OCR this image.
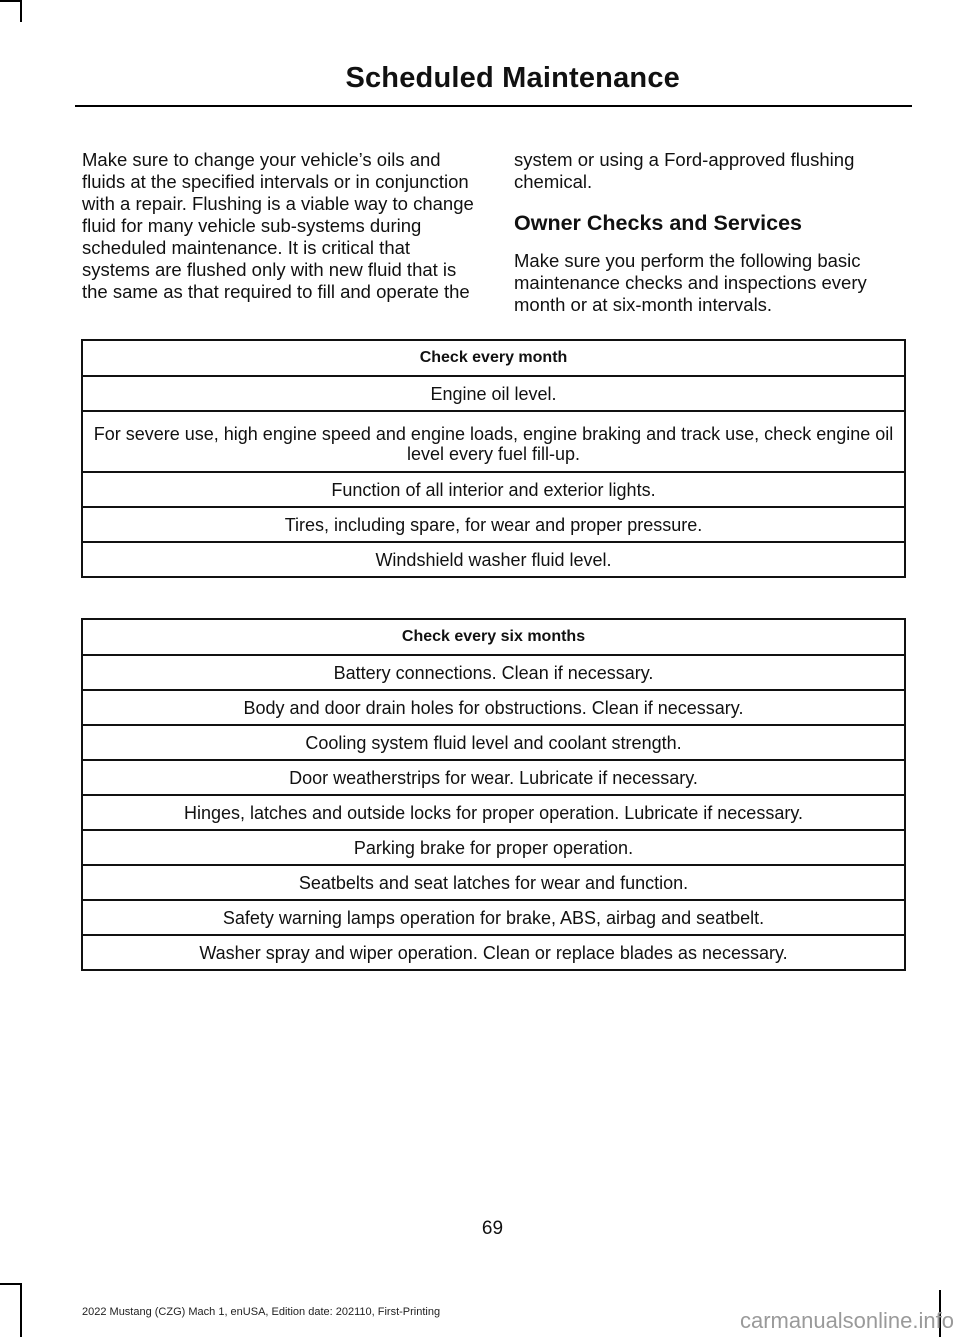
Scheduled Maintenance

Make sure to change your vehicle’s oils and fluids at the specified intervals or in conjunction with a repair. Flushing is a viable way to change fluid for many vehicle sub-systems during scheduled maintenance. It is critical that systems are flushed only with new fluid that is the same as that required to fill and operate the

system or using a Ford-approved flushing chemical.

Owner Checks and Services

Make sure you perform the following basic maintenance checks and inspections every month or at six-month intervals.

Check every month
Engine oil level.
For severe use, high engine speed and engine loads, engine braking and track use, check engine oil level every fuel fill-up.
Function of all interior and exterior lights.
Tires, including spare, for wear and proper pressure.
Windshield washer fluid level.
Check every six months
Battery connections. Clean if necessary.
Body and door drain holes for obstructions. Clean if necessary.
Cooling system fluid level and coolant strength.
Door weatherstrips for wear. Lubricate if necessary.
Hinges, latches and outside locks for proper operation. Lubricate if necessary.
Parking brake for proper operation.
Seatbelts and seat latches for wear and function.
Safety warning lamps operation for brake, ABS, airbag and seatbelt.
Washer spray and wiper operation. Clean or replace blades as necessary.
69
2022 Mustang (CZG) Mach 1, enUSA, Edition date: 202110, First-Printing	carmanualsonline.info
